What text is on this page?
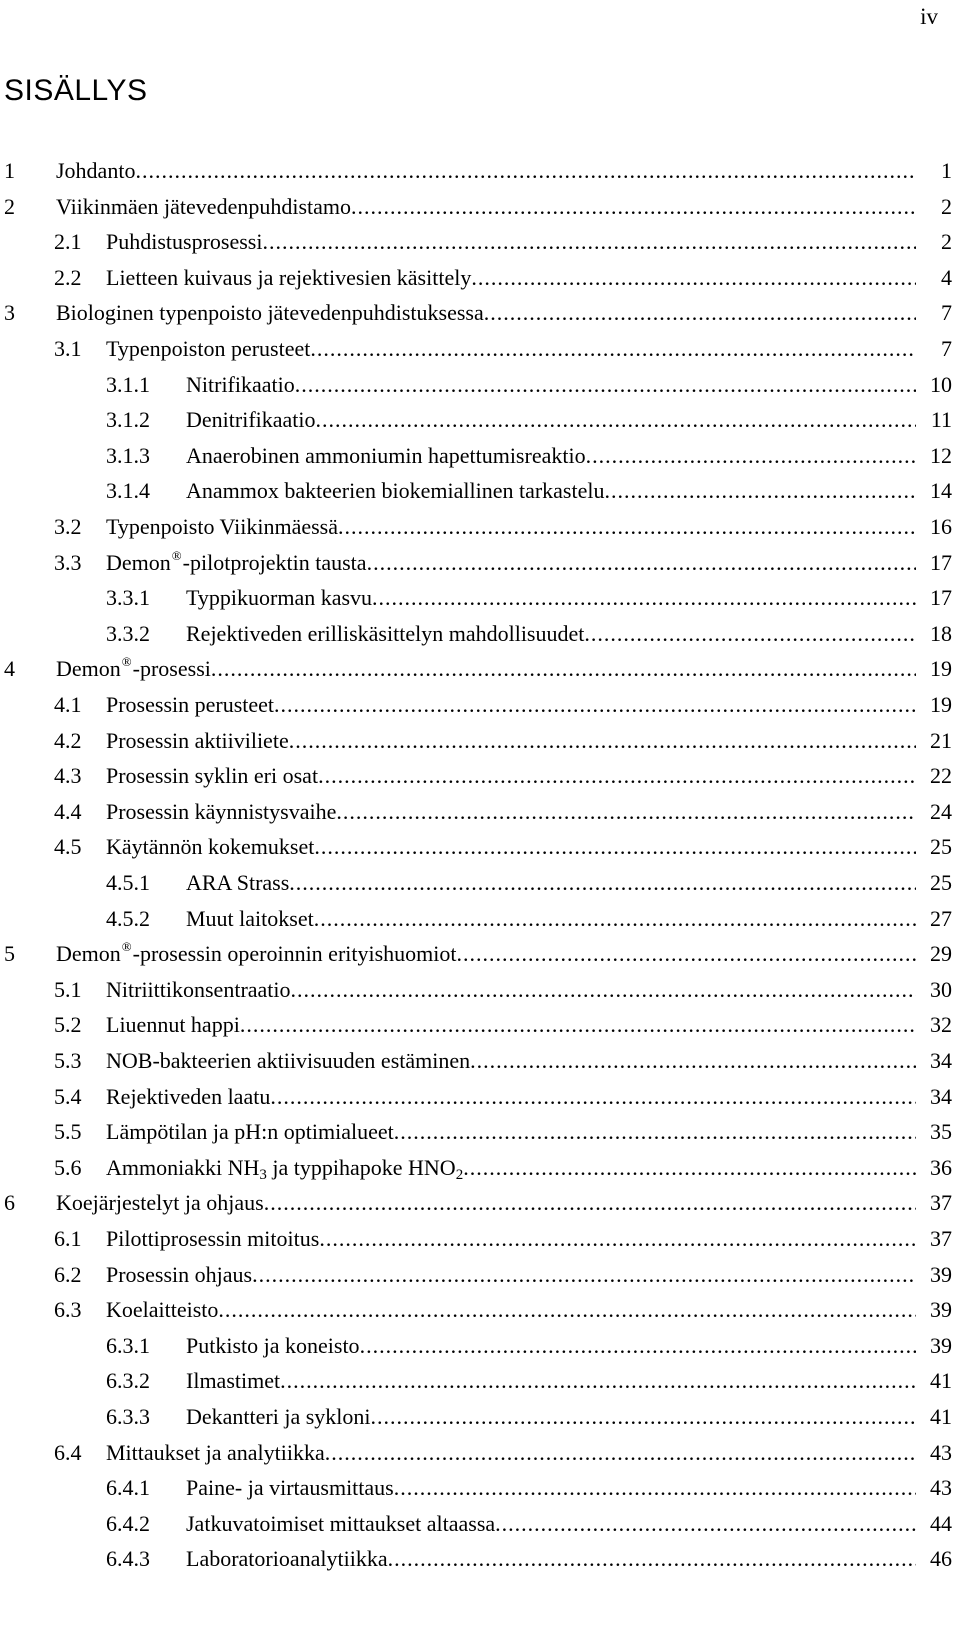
iv
SISÄLLYS
1 Johdanto .....	1
2 Viikinmäen jätevedenpuhdistamo .....	2
2.1 Puhdistusprosessi .....	2
2.2 Lietteen kuivaus ja rejektivesien käsittely .....	4
3 Biologinen typenpoisto jätevedenpuhdistuksessa .....	7
3.1 Typenpoiston perusteet .....	7
3.1.1 Nitrifikaatio .....	10
3.1.2 Denitrifikaatio .....	11
3.1.3 Anaerobinen ammoniumin hapettumisreaktio .....	12
3.1.4 Anammox bakteerien biokemiallinen tarkastelu .....	14
3.2 Typenpoisto Viikinmäessä .....	16
3.3 Demon®-pilotprojektin tausta .....	17
3.3.1 Typpikuorman kasvu .....	17
3.3.2 Rejektiveden erilliskäsittelyn mahdollisuudet .....	18
4 Demon®-prosessi .....	19
4.1 Prosessin perusteet .....	19
4.2 Prosessin aktiiviliete .....	21
4.3 Prosessin syklin eri osat .....	22
4.4 Prosessin käynnistysvaihe .....	24
4.5 Käytännön kokemukset .....	25
4.5.1 ARA Strass .....	25
4.5.2 Muut laitokset .....	27
5 Demon®-prosessin operoinnin erityishuomiot .....	29
5.1 Nitriittikonsentraatio .....	30
5.2 Liuennut happi .....	32
5.3 NOB-bakteerien aktiivisuuden estäminen .....	34
5.4 Rejektiveden laatu .....	34
5.5 Lämpötilan ja pH:n optimialueet .....	35
5.6 Ammoniakki $NH_3$ ja typpihapoke $HNO_2$ .....	36
6 Koejärjestelyt ja ohjaus .....	37
6.1 Pilottiprosessin mitoitus .....	37
6.2 Prosessin ohjaus .....	39
6.3 Koelaitteisto .....	39
6.3.1 Putkisto ja koneisto .....	39
6.3.2 Ilmastimet .....	41
6.3.3 Dekantteri ja sykloni .....	41
6.4 Mittaukset ja analytiikka .....	43
6.4.1 Paine- ja virtausmittaus .....	43
6.4.2 Jatkuvatoimiset mittaukset altaassa .....	44
6.4.3 Laboratorioanalytiikka .....	46
